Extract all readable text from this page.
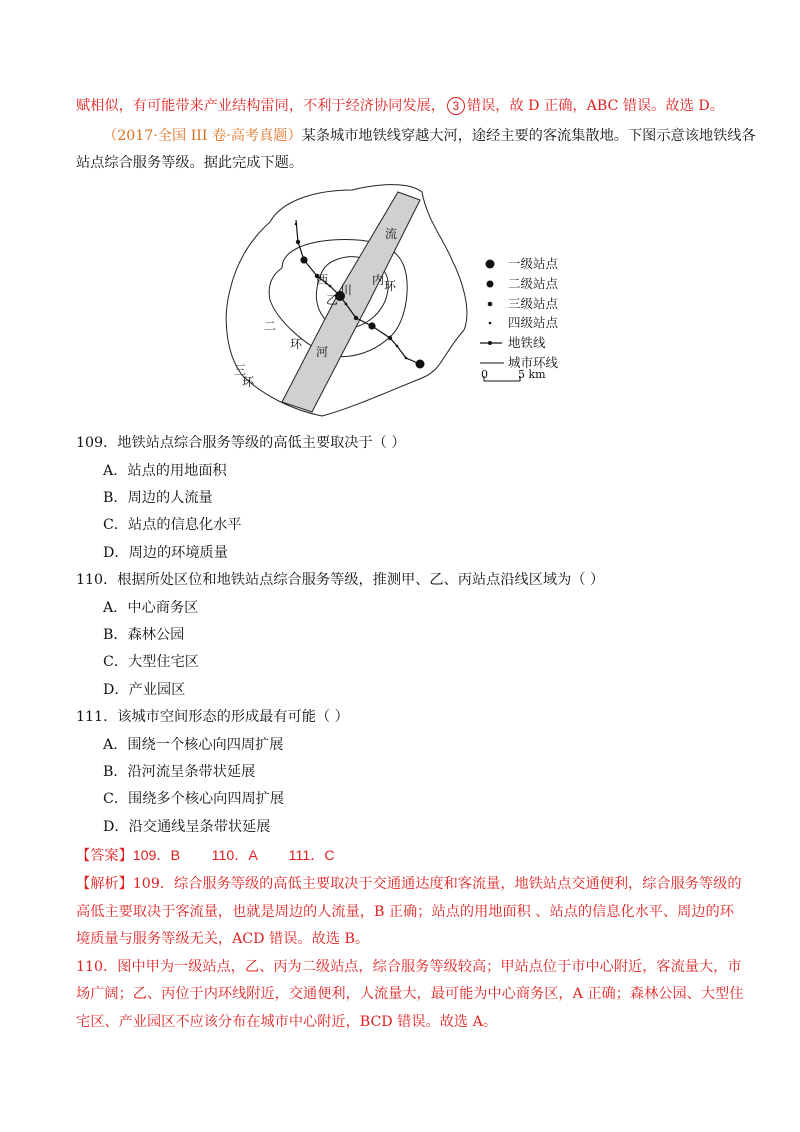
赋相似，有可能带来产业结构雷同，不利于经济协同发展， 3 错误，故 D 正确，ABC 错误。故选 D。
（2017·全国 III 卷·高考真题）某条城市地铁线穿越大河，途经主要的客流集散地。下图示意该地铁线各
站点综合服务等级。据此完成下题。
流
河
西
川
乙
内 环
二
环
三
环
一级站点
二级站点
三级站点
四级站点
地铁线
城市环线
0	5 km
109．地铁站点综合服务等级的高低主要取决于（ ）
A．站点的用地面积
B．周边的人流量
C．站点的信息化水平
D．周边的环境质量
110．根据所处区位和地铁站点综合服务等级，推测甲、乙、丙站点沿线区域为（ ）
A．中心商务区
B．森林公园
C．大型住宅区
D．产业园区
111．该城市空间形态的形成最有可能（ ）
A．围绕一个核心向四周扩展
B．沿河流呈条带状延展
C．围绕多个核心向四周扩展
D．沿交通线呈条带状延展
【答案】109．B        110．A        111．C
【解析】109．综合服务等级的高低主要取决于交通通达度和客流量，地铁站点交通便利，综合服务等级的
高低主要取决于客流量，也就是周边的人流量，B 正确；站点的用地面积 、站点的信息化水平、周边的环
境质量与服务等级无关，ACD 错误。故选 B。
110．图中甲为一级站点，乙、丙为二级站点，综合服务等级较高；甲站点位于市中心附近，客流量大，市
场广阔；乙、丙位于内环线附近，交通便利，人流量大，最可能为中心商务区，A 正确；森林公园、大型住
宅区、产业园区不应该分布在城市中心附近，BCD 错误。故选 A。
